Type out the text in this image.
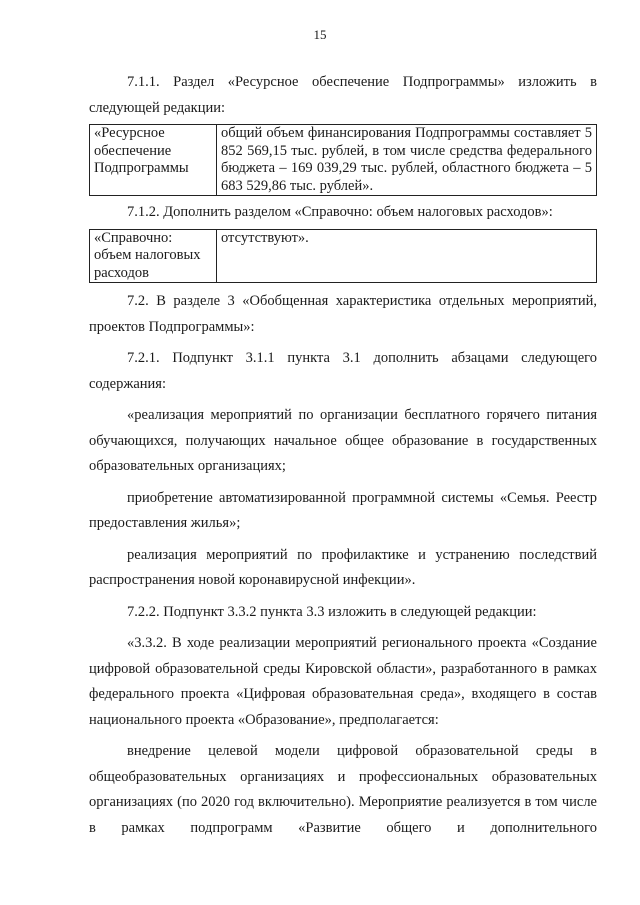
15

7.1.1. Раздел «Ресурсное обеспечение Подпрограммы» изложить в следующей редакции:

«Ресурсное
обеспечение
Подпрограммы	общий объем финансирования Подпрограммы составляет 5 852 569,15 тыс. рублей, в том числе средства федерального бюджета – 169 039,29 тыс. рублей, областного бюджета – 5 683 529,86 тыс. рублей».

7.1.2. Дополнить разделом «Справочно: объем налоговых расходов»:

«Справочно:
объем налоговых
расходов	отсутствуют».

7.2. В разделе 3 «Обобщенная характеристика отдельных мероприятий, проектов Подпрограммы»:

7.2.1. Подпункт 3.1.1 пункта 3.1 дополнить абзацами следующего содержания:

«реализация мероприятий по организации бесплатного горячего питания обучающихся, получающих начальное общее образование в государственных образовательных организациях;

приобретение автоматизированной программной системы «Семья. Реестр предоставления жилья»;

реализация мероприятий по профилактике и устранению последствий распространения новой коронавирусной инфекции».

7.2.2. Подпункт 3.3.2 пункта 3.3 изложить в следующей редакции:

«3.3.2. В ходе реализации мероприятий регионального проекта «Создание цифровой образовательной среды Кировской области», разработанного в рамках федерального проекта «Цифровая образовательная среда», входящего в состав национального проекта «Образование», предполагается:

внедрение целевой модели цифровой образовательной среды в общеобразовательных организациях и профессиональных образовательных организациях (по 2020 год включительно). Мероприятие реализуется в том числе в рамках подпрограмм «Развитие общего и дополнительного
